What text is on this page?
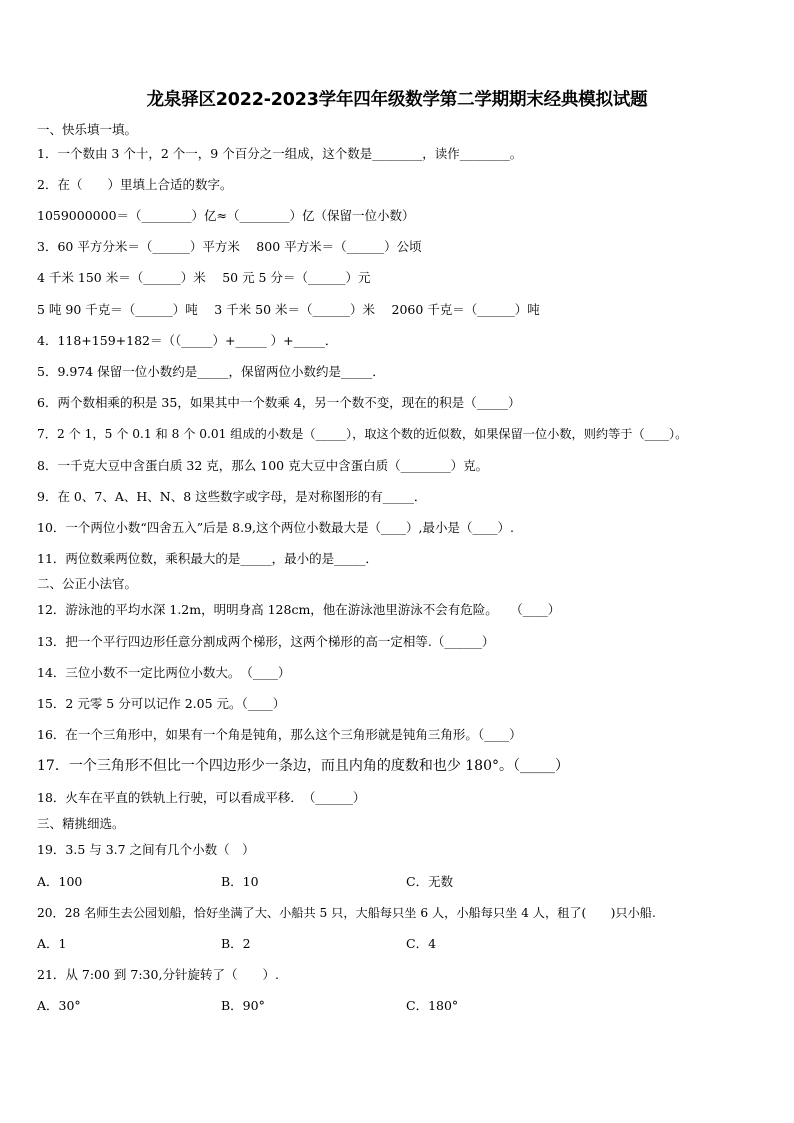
龙泉驿区2022-2023学年四年级数学第二学期期末经典模拟试题
一、快乐填一填。
1．一个数由 3 个十，2 个一，9 个百分之一组成，这个数是________，读作________。
2．在（　　）里填上合适的数字。
1059000000＝（________）亿≈（________）亿（保留一位小数）
3．60 平方分米＝（______）平方米　 800 平方米＝（______）公顷
4 千米 150 米＝（______）米　 50 元 5 分＝（______）元
5 吨 90 千克＝（______）吨　 3 千米 50 米＝（______）米　 2060 千克＝（______）吨
4．118+159+182＝（（_____）+_____ ）+_____．
5．9.974 保留一位小数约是_____，保留两位小数约是_____．
6．两个数相乘的积是 35，如果其中一个数乘 4，另一个数不变，现在的积是（_____）
7．2 个 1，5 个 0.1 和 8 个 0.01 组成的小数是（_____），取这个数的近似数，如果保留一位小数，则约等于（____）。
8．一千克大豆中含蛋白质 32 克，那么 100 克大豆中含蛋白质（________）克。
9．在 0、7、A、H、N、8 这些数字或字母，是对称图形的有_____．
10．一个两位小数“四舍五入”后是 8.9,这个两位小数最大是（____）,最小是（____）.
11．两位数乘两位数，乘积最大的是_____，最小的是_____．
二、公正小法官。
12．游泳池的平均水深 1.2m，明明身高 128cm，他在游泳池里游泳不会有危险。　　（____）
13．把一个平行四边形任意分割成两个梯形，这两个梯形的高一定相等.（______）
14．三位小数不一定比两位小数大。　（____）
15．2 元零 5 分可以记作 2.05 元。（____）
16．在一个三角形中，如果有一个角是钝角，那么这个三角形就是钝角三角形。（____）
17．一个三角形不但比一个四边形少一条边，而且内角的度数和也少 180°。（_____）
18．火车在平直的铁轨上行驶，可以看成平移．　（______）
三、精挑细选。
19．3.5 与 3.7 之间有几个小数（　）
A．100	B．10	C．无数
20．28 名师生去公园划船，恰好坐满了大、小船共 5 只，大船每只坐 6 人，小船每只坐 4 人，租了(　　)只小船.
A．1	B．2	C．4
21．从 7:00 到 7:30,分针旋转了（　　）.
A．30°	B．90°	C．180°
